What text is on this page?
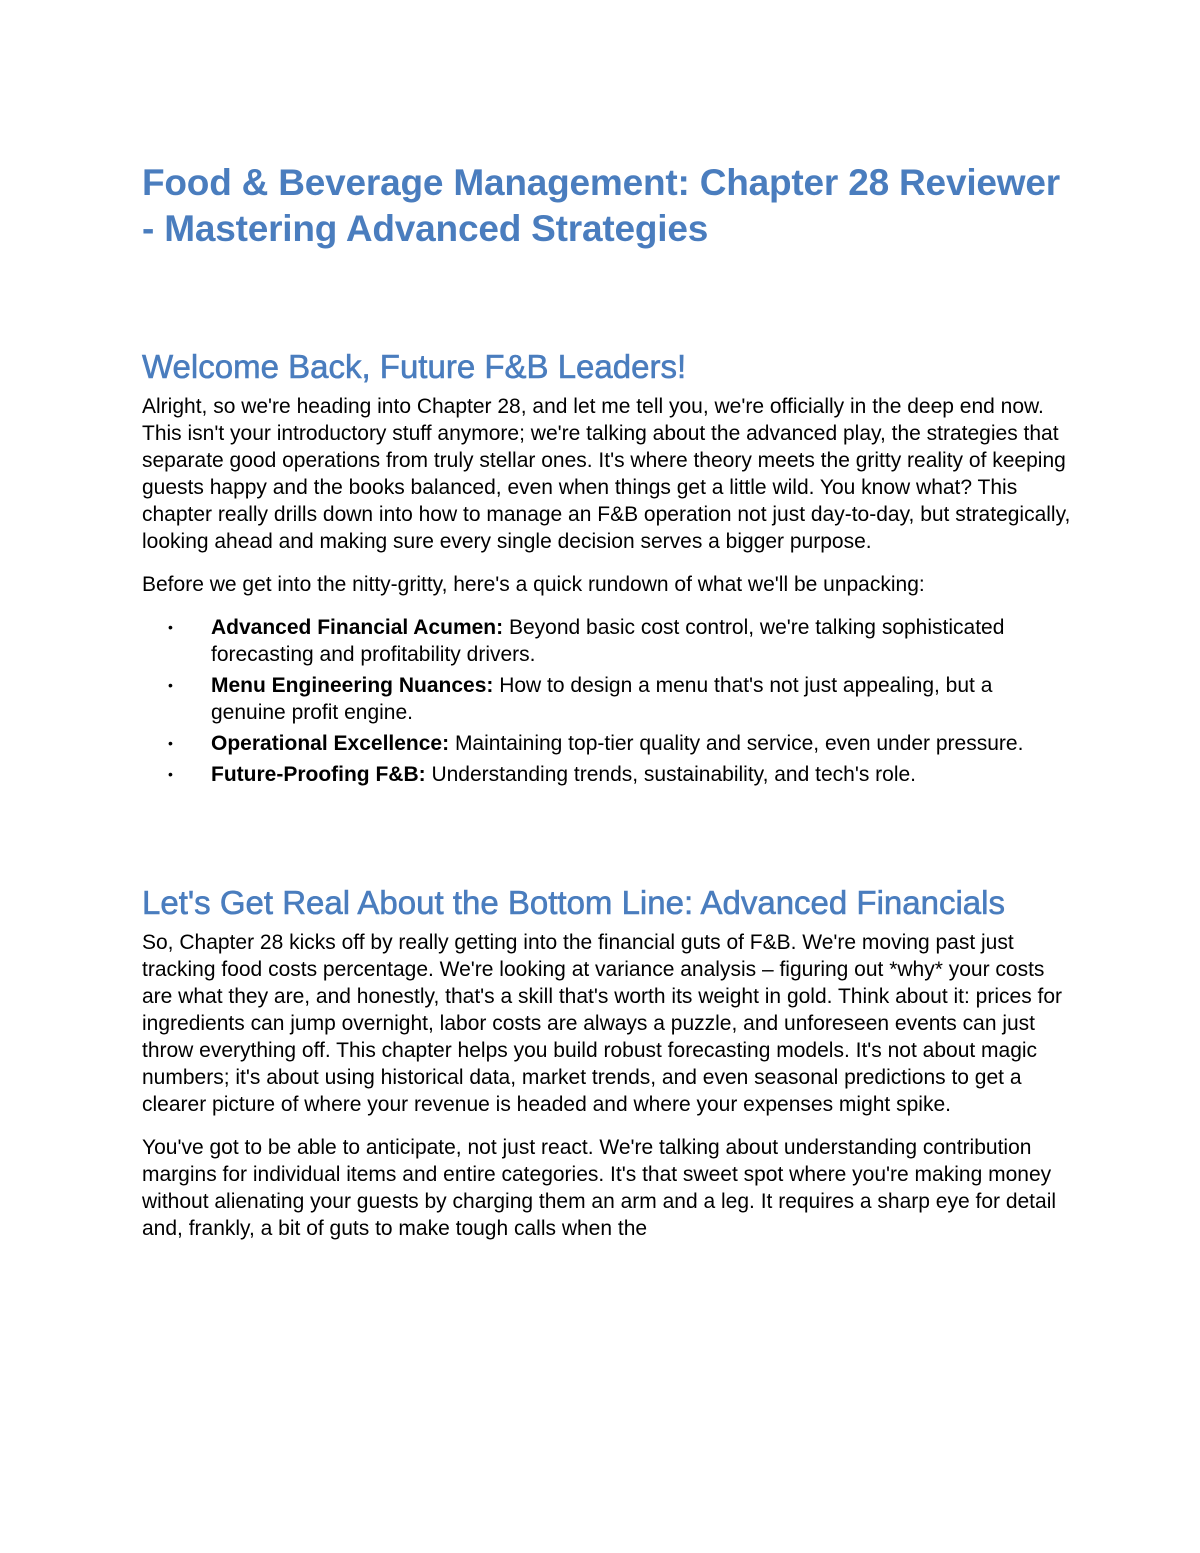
Food & Beverage Management: Chapter 28 Reviewer - Mastering Advanced Strategies
Welcome Back, Future F&B Leaders!

Alright, so we're heading into Chapter 28, and let me tell you, we're officially in the deep end now. This isn't your introductory stuff anymore; we're talking about the advanced play, the strategies that separate good operations from truly stellar ones. It's where theory meets the gritty reality of keeping guests happy and the books balanced, even when things get a little wild. You know what? This chapter really drills down into how to manage an F&B operation not just day-to-day, but strategically, looking ahead and making sure every single decision serves a bigger purpose.

Before we get into the nitty-gritty, here's a quick rundown of what we'll be unpacking:

• Advanced Financial Acumen: Beyond basic cost control, we're talking sophisticated forecasting and profitability drivers.
• Menu Engineering Nuances: How to design a menu that's not just appealing, but a genuine profit engine.
• Operational Excellence: Maintaining top-tier quality and service, even under pressure.
• Future-Proofing F&B: Understanding trends, sustainability, and tech's role.
Let's Get Real About the Bottom Line: Advanced Financials

So, Chapter 28 kicks off by really getting into the financial guts of F&B. We're moving past just tracking food costs percentage. We're looking at variance analysis – figuring out *why* your costs are what they are, and honestly, that's a skill that's worth its weight in gold. Think about it: prices for ingredients can jump overnight, labor costs are always a puzzle, and unforeseen events can just throw everything off. This chapter helps you build robust forecasting models. It's not about magic numbers; it's about using historical data, market trends, and even seasonal predictions to get a clearer picture of where your revenue is headed and where your expenses might spike.

You've got to be able to anticipate, not just react. We're talking about understanding contribution margins for individual items and entire categories. It's that sweet spot where you're making money without alienating your guests by charging them an arm and a leg. It requires a sharp eye for detail and, frankly, a bit of guts to make tough calls when the
